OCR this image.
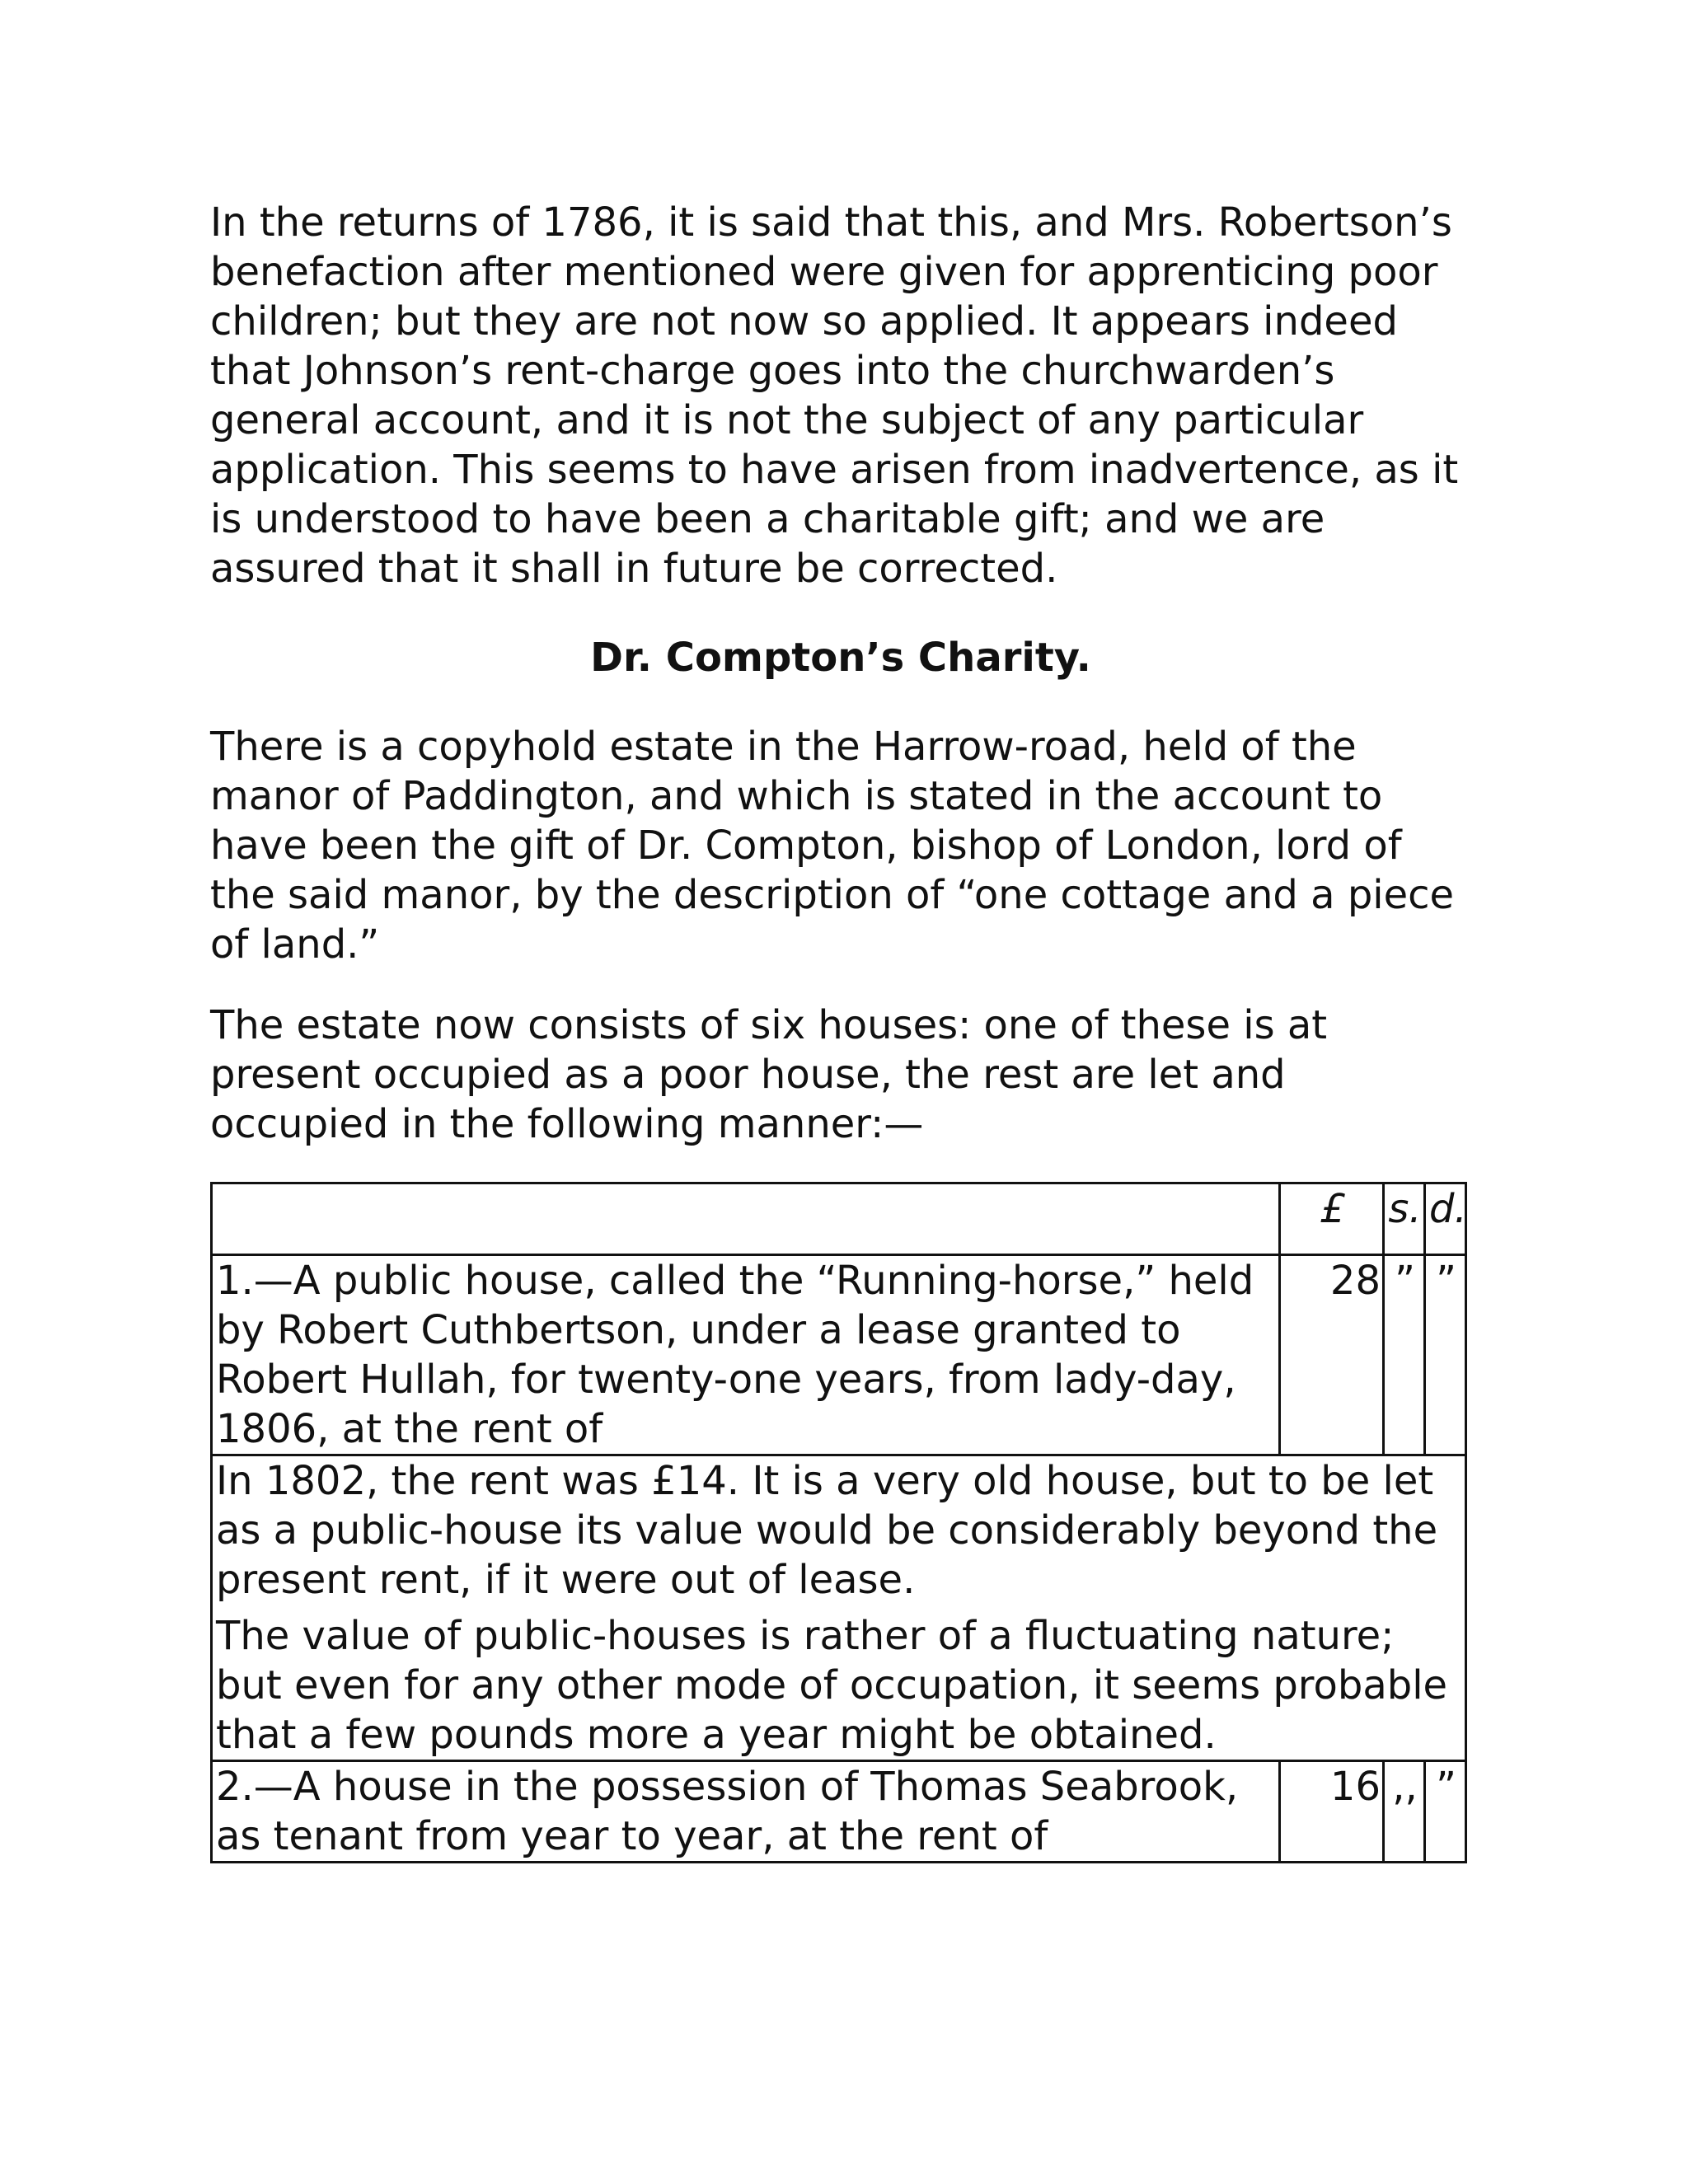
In the returns of 1786, it is said that this, and Mrs. Robertson’s benefaction after mentioned were given for apprenticing poor children; but they are not now so applied. It appears indeed that Johnson’s rent-charge goes into the churchwarden’s general account, and it is not the subject of any particular application. This seems to have arisen from inadvertence, as it is understood to have been a charitable gift; and we are assured that it shall in future be corrected.

Dr. Compton’s Charity.

There is a copyhold estate in the Harrow-road, held of the manor of Paddington, and which is stated in the account to have been the gift of Dr. Compton, bishop of London, lord of the said manor, by the description of “one cottage and a piece of land.”

The estate now consists of six houses: one of these is at present occupied as a poor house, the rest are let and occupied in the following manner:—

	£	s.	d.
1.—A public house, called the “Running-horse,” held by Robert Cuthbertson, under a lease granted to Robert Hullah, for twenty-one years, from lady-day, 1806, at the rent of	28	”	”

In 1802, the rent was £14. It is a very old house, but to be let as a public-house its value would be considerably beyond the present rent, if it were out of lease.
The value of public-houses is rather of a fluctuating nature; but even for any other mode of occupation, it seems probable that a few pounds more a year might be obtained.			

2.—A house in the possession of Thomas Seabrook, as tenant from year to year, at the rent of	16	,,	”
